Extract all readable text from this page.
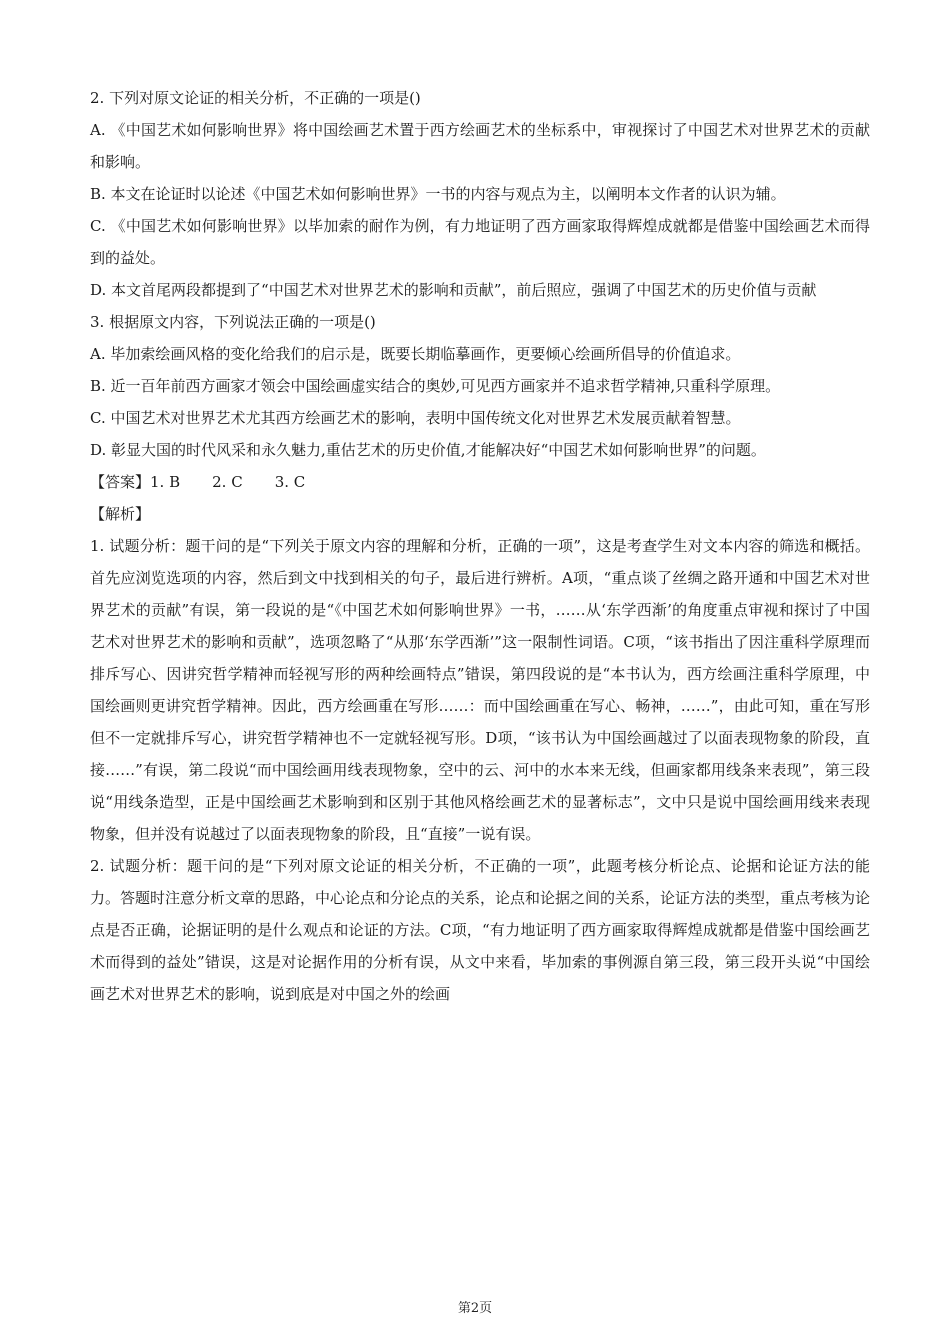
2. 下列对原文论证的相关分析，不正确的一项是()

A. 《中国艺术如何影响世界》将中国绘画艺术置于西方绘画艺术的坐标系中，审视探讨了中国艺术对世界艺术的贡献和影响。

B. 本文在论证时以论述《中国艺术如何影响世界》一书的内容与观点为主，以阐明本文作者的认识为辅。

C. 《中国艺术如何影响世界》以毕加索的耐作为例，有力地证明了西方画家取得辉煌成就都是借鉴中国绘画艺术而得到的益处。

D. 本文首尾两段都提到了“中国艺术对世界艺术的影响和贡献”，前后照应，强调了中国艺术的历史价值与贡献

3. 根据原文内容，下列说法正确的一项是()

A. 毕加索绘画风格的变化给我们的启示是，既要长期临摹画作，更要倾心绘画所倡导的价值追求。

B. 近一百年前西方画家才领会中国绘画虚实结合的奥妙,可见西方画家并不追求哲学精神,只重科学原理。

C. 中国艺术对世界艺术尤其西方绘画艺术的影响，表明中国传统文化对世界艺术发展贡献着智慧。

D. 彰显大国的时代风采和永久魅力,重估艺术的历史价值,才能解决好“中国艺术如何影响世界”的问题。

【答案】1. B 2. C 3. C

【解析】

1. 试题分析：题干问的是“下列关于原文内容的理解和分析，正确的一项”，这是考查学生对文本内容的筛选和概括。首先应浏览选项的内容，然后到文中找到相关的句子，最后进行辨析。A项，“重点谈了丝绸之路开通和中国艺术对世界艺术的贡献”有误，第一段说的是“《中国艺术如何影响世界》一书，……从‘东学西渐’的角度重点审视和探讨了中国艺术对世界艺术的影响和贡献”，选项忽略了“从那‘东学西渐’”这一限制性词语。C项，“该书指出了因注重科学原理而排斥写心、因讲究哲学精神而轻视写形的两种绘画特点”错误，第四段说的是“本书认为，西方绘画注重科学原理，中国绘画则更讲究哲学精神。因此，西方绘画重在写形……：而中国绘画重在写心、畅神，……”，由此可知，重在写形但不一定就排斥写心，讲究哲学精神也不一定就轻视写形。D项，“该书认为中国绘画越过了以面表现物象的阶段，直接……”有误，第二段说“而中国绘画用线表现物象，空中的云、河中的水本来无线，但画家都用线条来表现”，第三段说“用线条造型，正是中国绘画艺术影响到和区别于其他风格绘画艺术的显著标志”，文中只是说中国绘画用线来表现物象，但并没有说越过了以面表现物象的阶段，且“直接”一说有误。

2. 试题分析：题干问的是“下列对原文论证的相关分析，不正确的一项”，此题考核分析论点、论据和论证方法的能力。答题时注意分析文章的思路，中心论点和分论点的关系，论点和论据之间的关系，论证方法的类型，重点考核为论点是否正确，论据证明的是什么观点和论证的方法。C项，“有力地证明了西方画家取得辉煌成就都是借鉴中国绘画艺术而得到的益处”错误，这是对论据作用的分析有误，从文中来看，毕加索的事例源自第三段，第三段开头说“中国绘画艺术对世界艺术的影响，说到底是对中国之外的绘画

第2页
